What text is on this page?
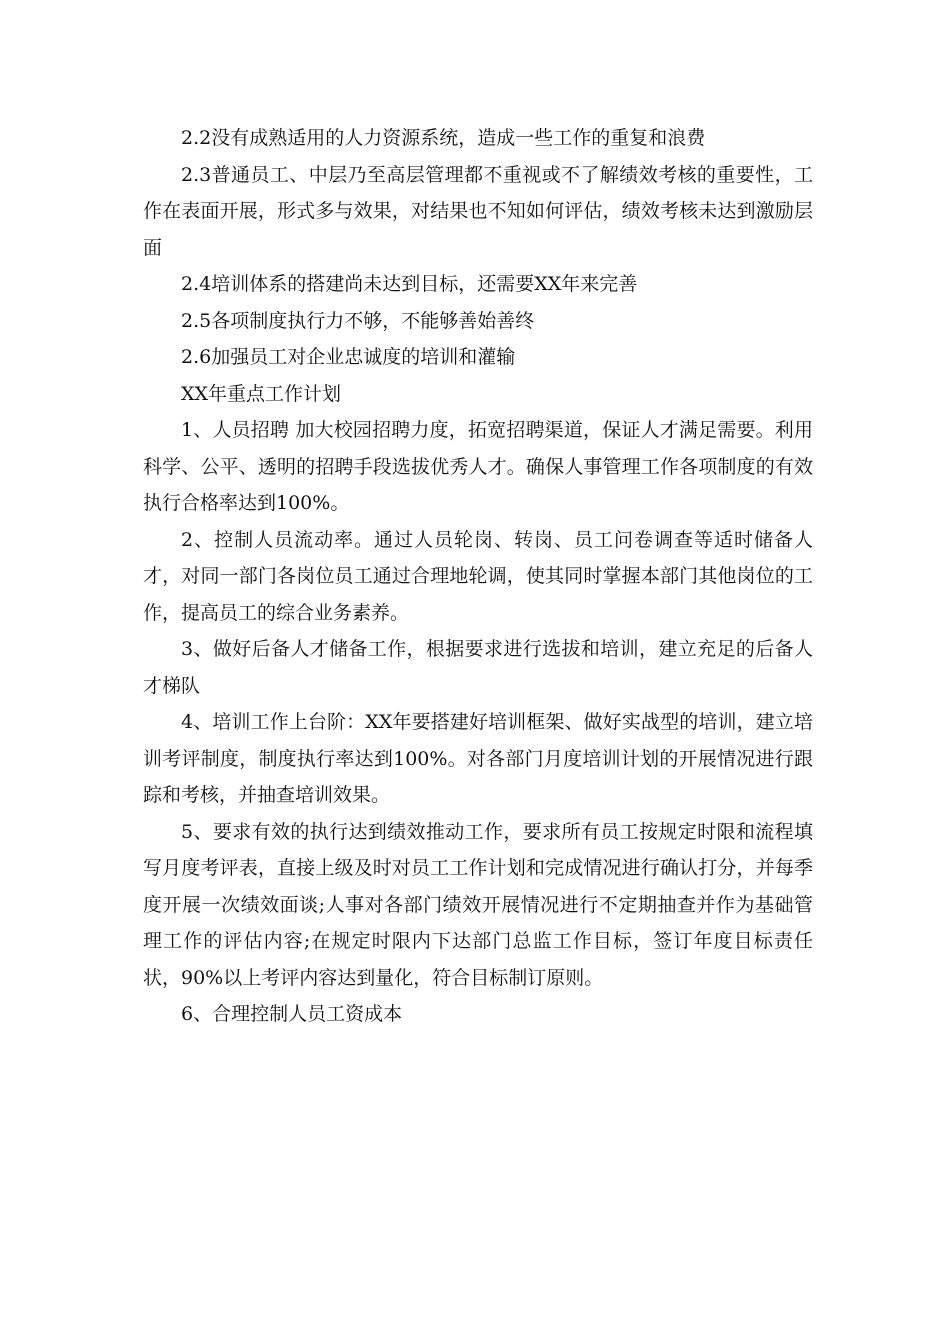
2.2没有成熟适用的人力资源系统，造成一些工作的重复和浪费

2.3普通员工、中层乃至高层管理都不重视或不了解绩效考核的重要性，工作在表面开展，形式多与效果，对结果也不知如何评估，绩效考核未达到激励层面

2.4培训体系的搭建尚未达到目标，还需要XX年来完善

2.5各项制度执行力不够，不能够善始善终

2.6加强员工对企业忠诚度的培训和灌输

XX年重点工作计划

1、人员招聘 加大校园招聘力度，拓宽招聘渠道，保证人才满足需要。利用科学、公平、透明的招聘手段选拔优秀人才。确保人事管理工作各项制度的有效执行合格率达到100%。

2、控制人员流动率。通过人员轮岗、转岗、员工问卷调查等适时储备人才，对同一部门各岗位员工通过合理地轮调，使其同时掌握本部门其他岗位的工作，提高员工的综合业务素养。

3、做好后备人才储备工作，根据要求进行选拔和培训，建立充足的后备人才梯队

4、培训工作上台阶：XX年要搭建好培训框架、做好实战型的培训，建立培训考评制度，制度执行率达到100%。对各部门月度培训计划的开展情况进行跟踪和考核，并抽查培训效果。

5、要求有效的执行达到绩效推动工作，要求所有员工按规定时限和流程填写月度考评表，直接上级及时对员工工作计划和完成情况进行确认打分，并每季度开展一次绩效面谈;人事对各部门绩效开展情况进行不定期抽查并作为基础管理工作的评估内容;在规定时限内下达部门总监工作目标，签订年度目标责任状，90%以上考评内容达到量化，符合目标制订原则。

6、合理控制人员工资成本
